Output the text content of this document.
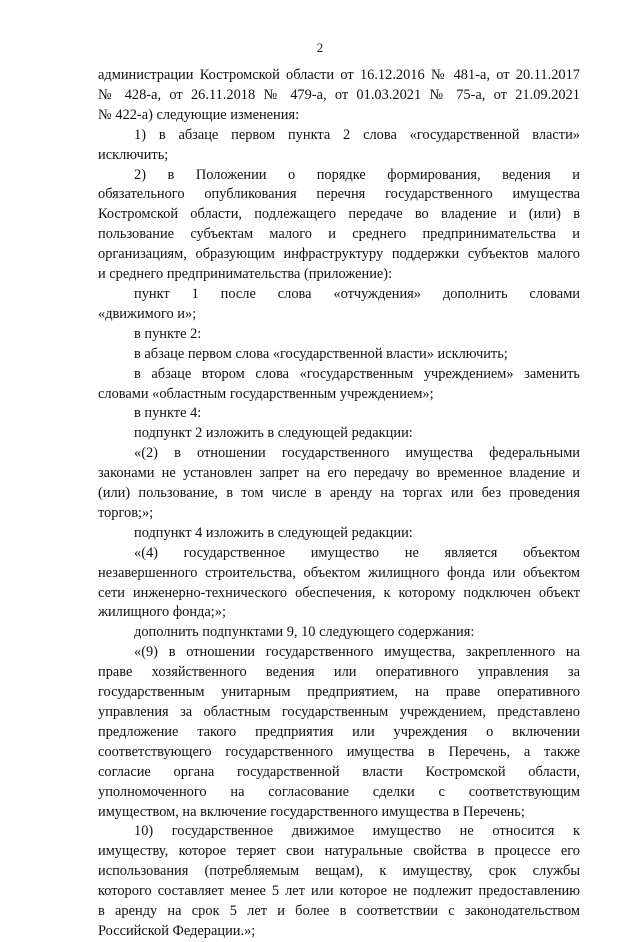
2

администрации Костромской области от 16.12.2016 № 481-а, от 20.11.2017

№ 428-а, от 26.11.2018 № 479-а, от 01.03.2021 № 75-а, от 21.09.2021

№ 422-а) следующие изменения:

1) в абзаце первом пункта 2 слова «государственной власти»

исключить;

2) в Положении о порядке формирования, ведения и

обязательного опубликования перечня государственного имущества

Костромской области, подлежащего передаче во владение и (или) в

пользование субъектам малого и среднего предпринимательства и

организациям, образующим инфраструктуру поддержки субъектов малого

и среднего предпринимательства (приложение):

пункт 1 после слова «отчуждения» дополнить словами

«движимого и»;

в пункте 2:

в абзаце первом слова «государственной власти» исключить;

в абзаце втором слова «государственным учреждением» заменить

словами «областным государственным учреждением»;

в пункте 4:

подпункт 2 изложить в следующей редакции:

«(2) в отношении государственного имущества федеральными

законами не установлен запрет на его передачу во временное владение и

(или) пользование, в том числе в аренду на торгах или без проведения

торгов;»;

подпункт 4 изложить в следующей редакции:

«(4) государственное имущество не является объектом

незавершенного строительства, объектом жилищного фонда или объектом

сети инженерно-технического обеспечения, к которому подключен объект

жилищного фонда;»;

дополнить подпунктами 9, 10 следующего содержания:

«(9) в отношении государственного имущества, закрепленного на

праве хозяйственного ведения или оперативного управления за

государственным унитарным предприятием, на праве оперативного

управления за областным государственным учреждением, представлено

предложение такого предприятия или учреждения о включении

соответствующего государственного имущества в Перечень, а также

согласие органа государственной власти Костромской области,

уполномоченного на согласование сделки с соответствующим

имуществом, на включение государственного имущества в Перечень;

10) государственное движимое имущество не относится к

имуществу, которое теряет свои натуральные свойства в процессе его

использования (потребляемым вещам), к имуществу, срок службы

которого составляет менее 5 лет или которое не подлежит предоставлению

в аренду на срок 5 лет и более в соответствии с законодательством

Российской Федерации.»;
